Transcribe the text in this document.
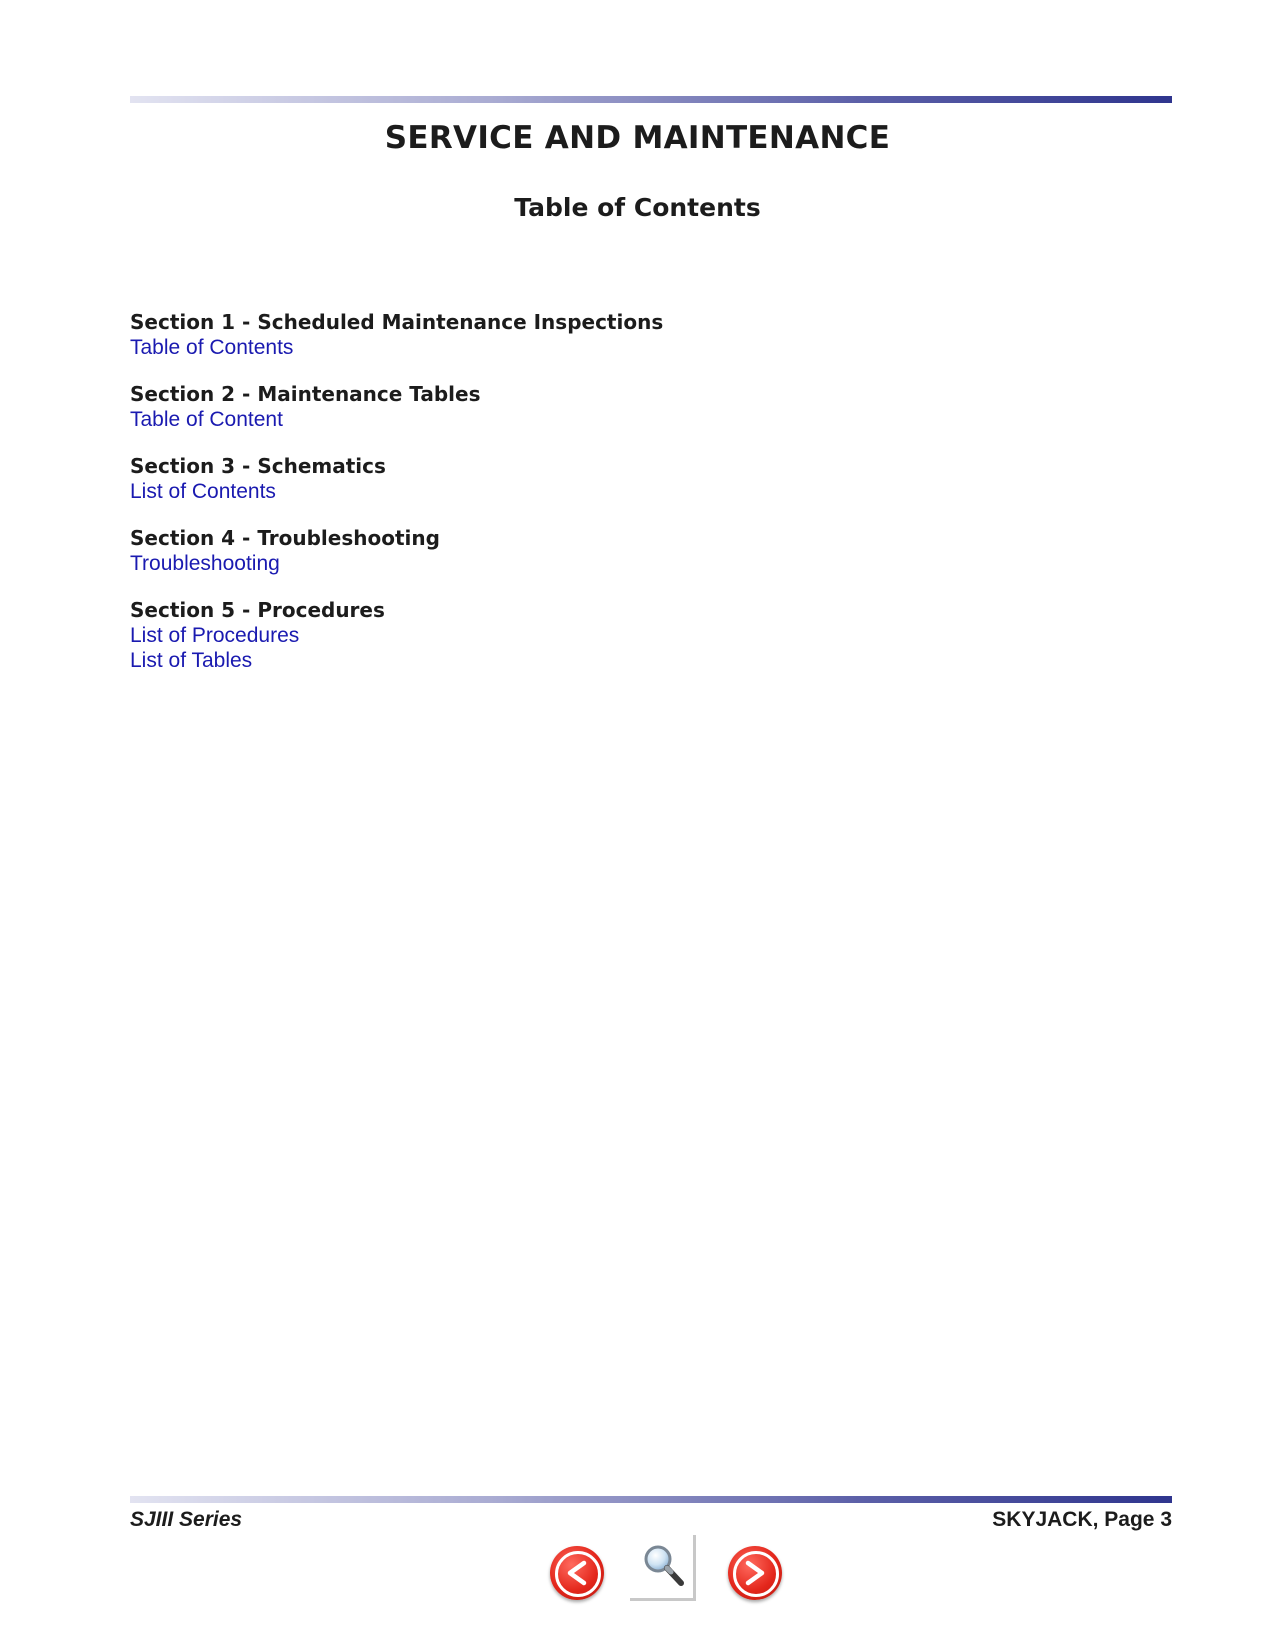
SERVICE AND MAINTENANCE
Table of Contents
Section 1 - Scheduled Maintenance Inspections
Table of Contents
Section 2 - Maintenance Tables
Table of Content
Section 3 - Schematics
List of Contents
Section 4 - Troubleshooting
Troubleshooting
Section 5 - Procedures
List of Procedures
List of Tables
SJIII Series	SKYJACK, Page 3
